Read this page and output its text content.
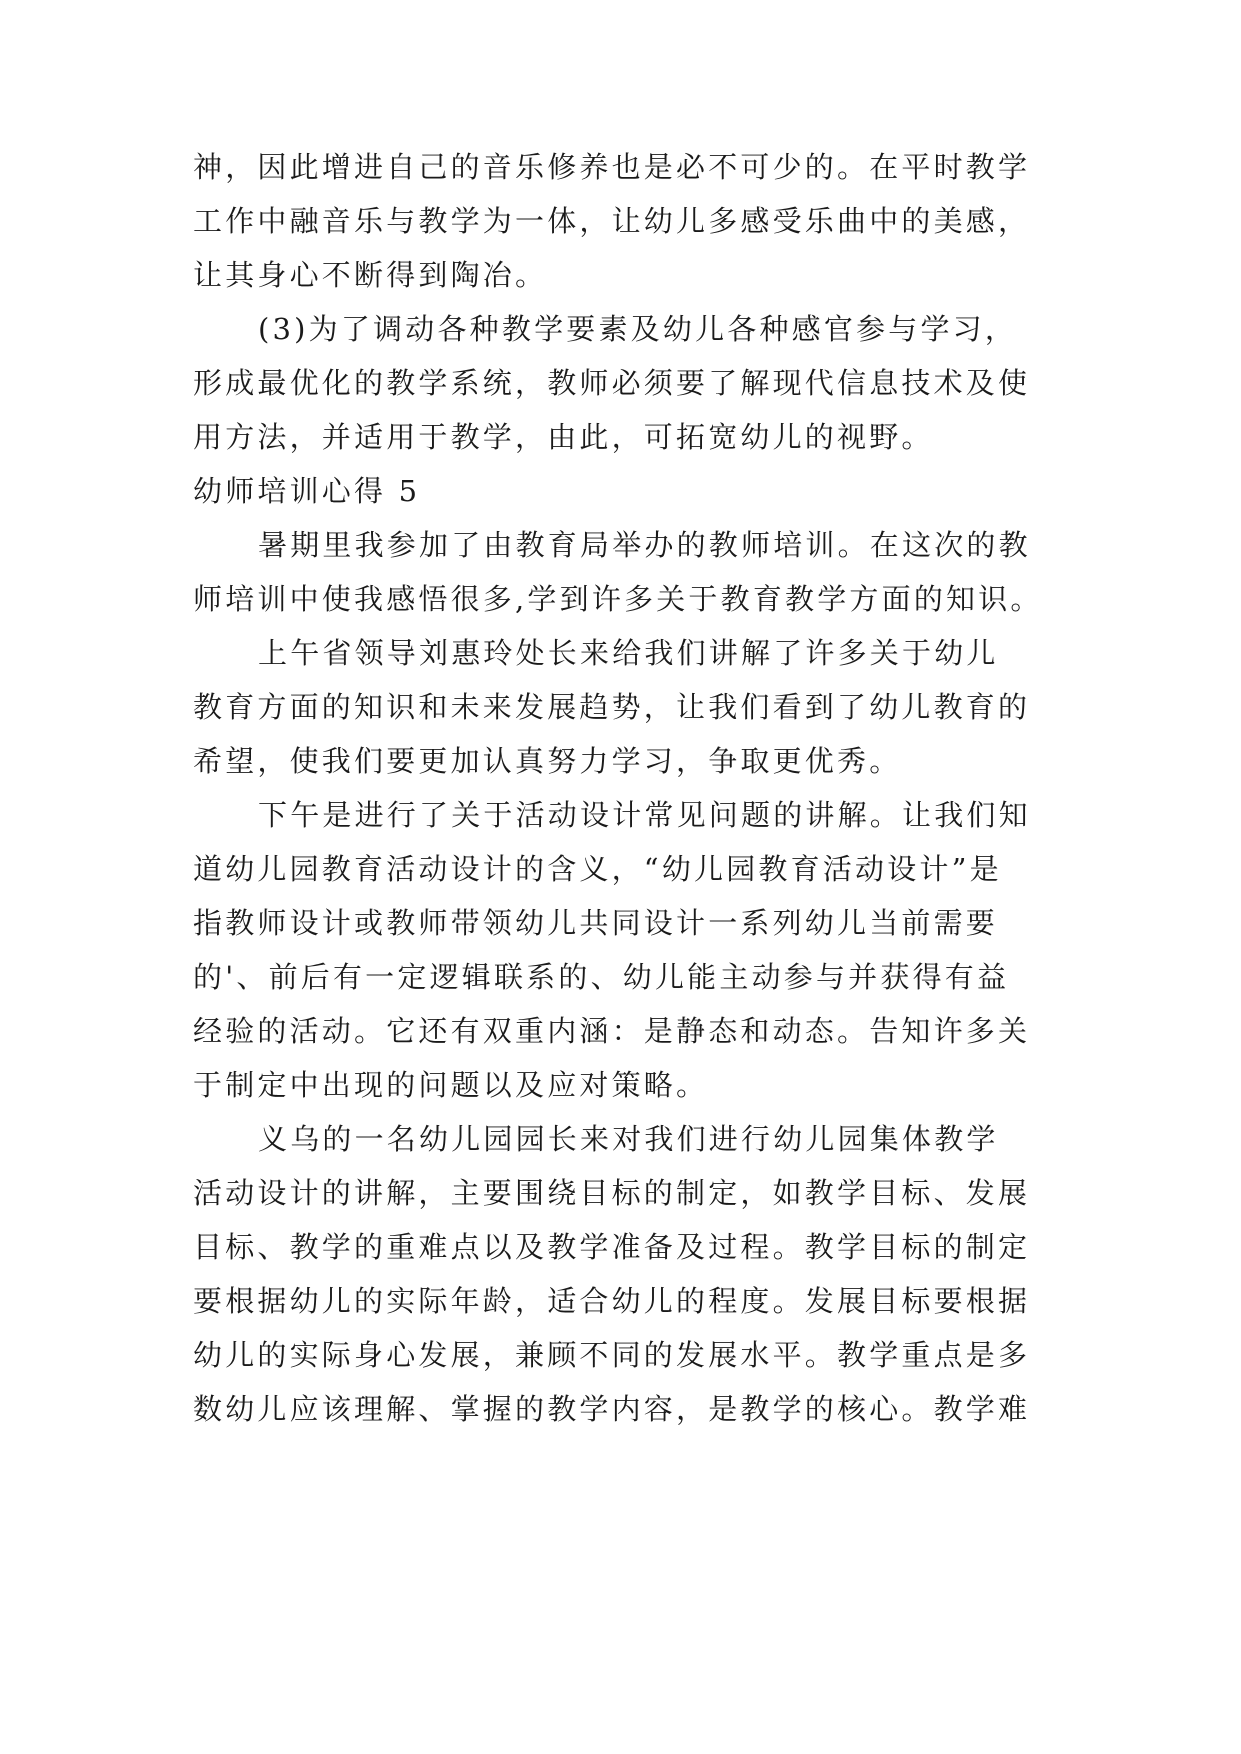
神，因此增进自己的音乐修养也是必不可少的。在平时教学
工作中融音乐与教学为一体，让幼儿多感受乐曲中的美感，
让其身心不断得到陶冶。
(3)为了调动各种教学要素及幼儿各种感官参与学习，
形成最优化的教学系统，教师必须要了解现代信息技术及使
用方法，并适用于教学，由此，可拓宽幼儿的视野。
幼师培训心得 5
暑期里我参加了由教育局举办的教师培训。在这次的教
师培训中使我感悟很多,学到许多关于教育教学方面的知识。
上午省领导刘惠玲处长来给我们讲解了许多关于幼儿
教育方面的知识和未来发展趋势，让我们看到了幼儿教育的
希望，使我们要更加认真努力学习，争取更优秀。
下午是进行了关于活动设计常见问题的讲解。让我们知
道幼儿园教育活动设计的含义，“幼儿园教育活动设计”是
指教师设计或教师带领幼儿共同设计一系列幼儿当前需要
的'、前后有一定逻辑联系的、幼儿能主动参与并获得有益
经验的活动。它还有双重内涵：是静态和动态。告知许多关
于制定中出现的问题以及应对策略。
义乌的一名幼儿园园长来对我们进行幼儿园集体教学
活动设计的讲解，主要围绕目标的制定，如教学目标、发展
目标、教学的重难点以及教学准备及过程。教学目标的制定
要根据幼儿的实际年龄，适合幼儿的程度。发展目标要根据
幼儿的实际身心发展，兼顾不同的发展水平。教学重点是多
数幼儿应该理解、掌握的教学内容，是教学的核心。教学难
